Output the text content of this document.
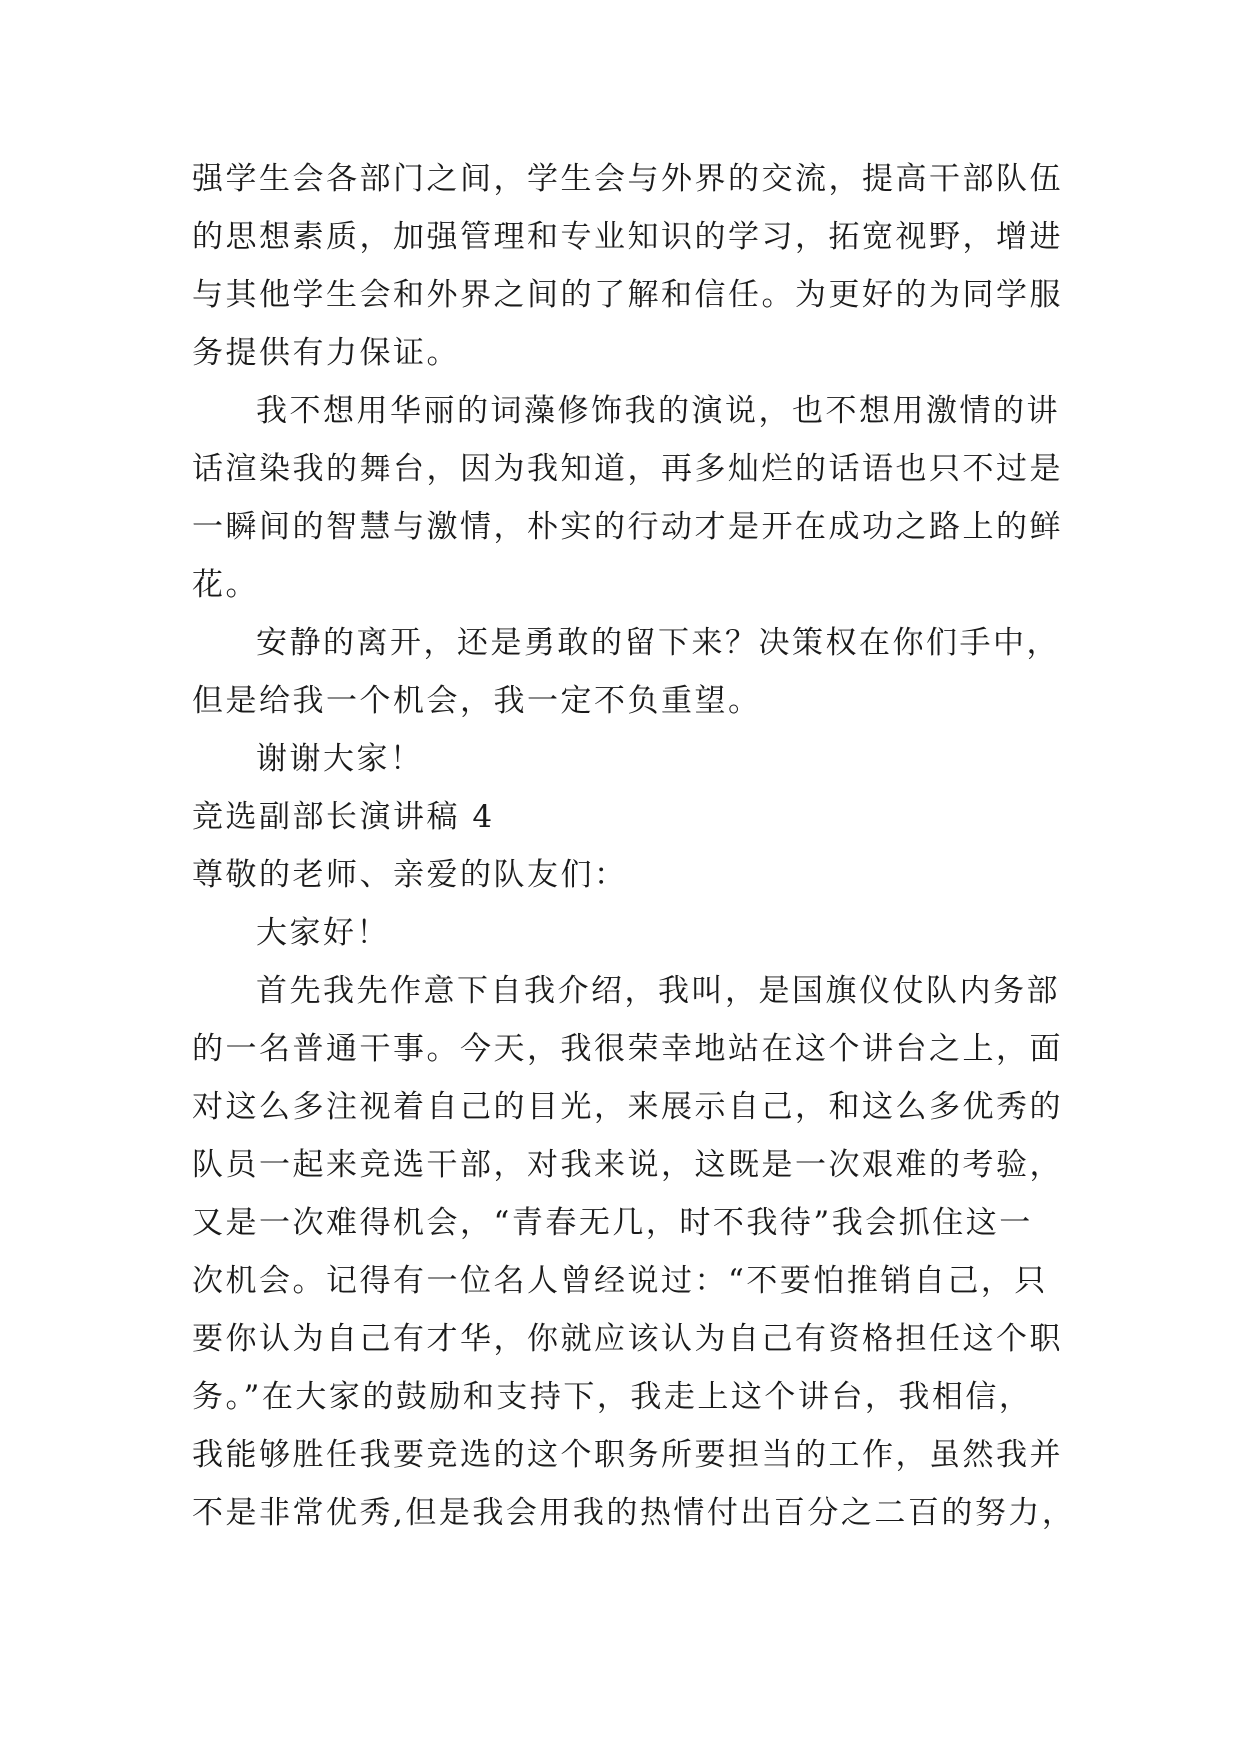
强学生会各部门之间，学生会与外界的交流，提高干部队伍
的思想素质，加强管理和专业知识的学习，拓宽视野，增进
与其他学生会和外界之间的了解和信任。为更好的为同学服
务提供有力保证。
我不想用华丽的词藻修饰我的演说，也不想用激情的讲
话渲染我的舞台，因为我知道，再多灿烂的话语也只不过是
一瞬间的智慧与激情，朴实的行动才是开在成功之路上的鲜
花。
安静的离开，还是勇敢的留下来？决策权在你们手中，
但是给我一个机会，我一定不负重望。
谢谢大家！
竞选副部长演讲稿 4
尊敬的老师、亲爱的队友们：
大家好！
首先我先作意下自我介绍，我叫，是国旗仪仗队内务部
的一名普通干事。今天，我很荣幸地站在这个讲台之上，面
对这么多注视着自己的目光，来展示自己，和这么多优秀的
队员一起来竞选干部，对我来说，这既是一次艰难的考验，
又是一次难得机会，“青春无几，时不我待”我会抓住这一
次机会。记得有一位名人曾经说过：“不要怕推销自己，只
要你认为自己有才华，你就应该认为自己有资格担任这个职
务。”在大家的鼓励和支持下，我走上这个讲台，我相信，
我能够胜任我要竞选的这个职务所要担当的工作，虽然我并
不是非常优秀,但是我会用我的热情付出百分之二百的努力，
